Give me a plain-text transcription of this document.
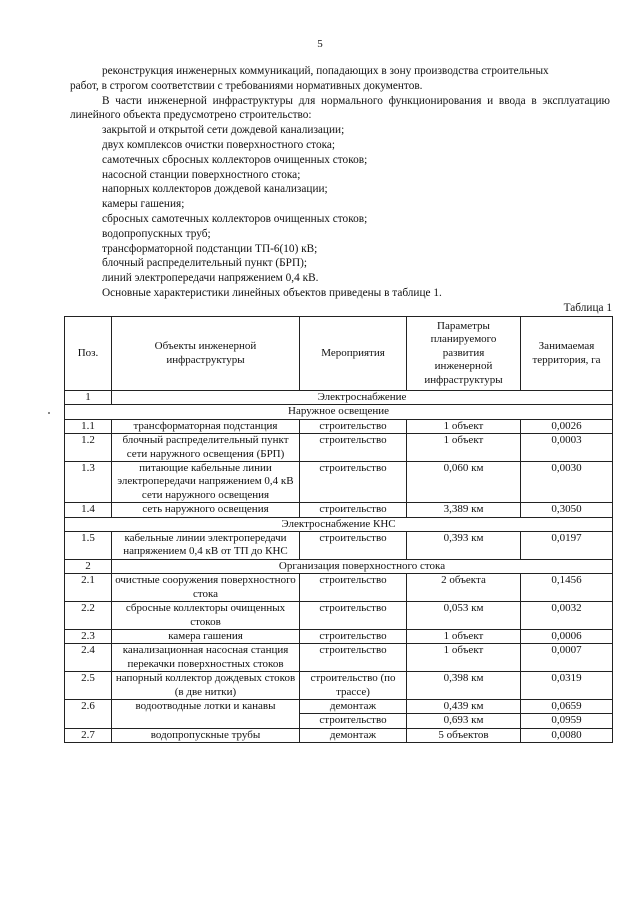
5

реконструкция инженерных коммуникаций, попадающих в зону производства строительных

работ, в строгом соответствии с требованиями нормативных документов.

В части инженерной инфраструктуры для нормального функционирования и ввода в эксплуатацию линейного объекта предусмотрено строительство:

закрытой и открытой сети дождевой канализации;

двух комплексов очистки поверхностного стока;

самотечных сбросных коллекторов очищенных стоков;

насосной станции поверхностного стока;

напорных коллекторов дождевой канализации;

камеры гашения;

сбросных самотечных коллекторов очищенных стоков;

водопропускных труб;

трансформаторной подстанции ТП-6(10) кВ;

блочный распределительный пункт (БРП);

линий электропередачи напряжением 0,4 кВ.

Основные характеристики линейных объектов приведены в таблице 1.

Таблица 1
Поз.	Объекты инженерной инфраструктуры	Мероприятия	Параметры планируемого развития инженерной инфраструктуры	Занимаемая территория, га
1	Электроснабжение			
Наружное освещение				
1.1	трансформаторная подстанция	строительство	1 объект	0,0026
1.2	блочный распределительный пункт сети наружного освещения (БРП)	строительство	1 объект	0,0003
1.3	питающие кабельные линии электропередачи напряжением 0,4 кВ сети наружного освещения	строительство	0,060 км	0,0030
1.4	сеть наружного освещения	строительство	3,389 км	0,3050
Электроснабжение КНС				
1.5	кабельные линии электропередачи напряжением 0,4 кВ от ТП до КНС	строительство	0,393 км	0,0197
2	Организация поверхностного стока			
2.1	очистные сооружения поверхностного стока	строительство	2 объекта	0,1456
2.2	сбросные коллекторы очищенных стоков	строительство	0,053 км	0,0032
2.3	камера гашения	строительство	1 объект	0,0006
2.4	канализационная насосная станция перекачки поверхностных стоков	строительство	1 объект	0,0007
2.5	напорный коллектор дождевых стоков (в две нитки)	строительство (по трассе)	0,398 км	0,0319
2.6	водоотводные лотки и канавы	демонтаж	0,439 км	0,0659
		строительство	0,693 км	0,0959
2.7	водопропускные трубы	демонтаж	5 объектов	0,0080
